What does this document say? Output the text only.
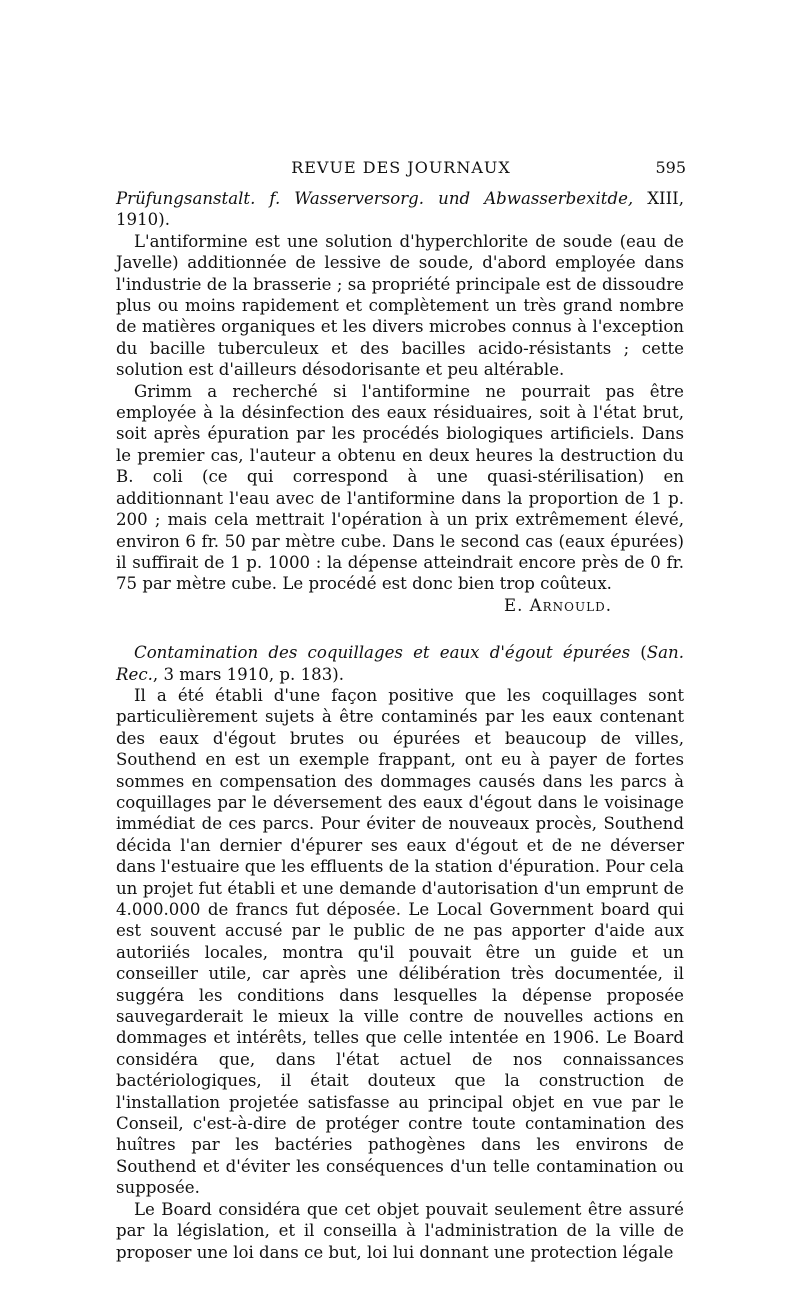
REVUE DES JOURNAUX	595

Prüfungsanstalt. f. Wasserversorg. und Abwasserbexitde, XIII, 1910).

L'antiformine est une solution d'hyperchlorite de soude (eau de Javelle) additionnée de lessive de soude, d'abord employée dans l'industrie de la brasserie ; sa propriété principale est de dissoudre plus ou moins rapidement et complètement un très grand nombre de matières organiques et les divers microbes connus à l'exception du bacille tuberculeux et des bacilles acido-résistants ; cette solution est d'ailleurs désodorisante et peu altérable.

Grimm a recherché si l'antiformine ne pourrait pas être employée à la désinfection des eaux résiduaires, soit à l'état brut, soit après épuration par les procédés biologiques artificiels. Dans le premier cas, l'auteur a obtenu en deux heures la destruction du B. coli (ce qui correspond à une quasi-stérilisation) en additionnant l'eau avec de l'antiformine dans la proportion de 1 p. 200 ; mais cela mettrait l'opération à un prix extrêmement élevé, environ 6 fr. 50 par mètre cube. Dans le second cas (eaux épurées) il suffirait de 1 p. 1000 : la dépense atteindrait encore près de 0 fr. 75 par mètre cube. Le procédé est donc bien trop coûteux.

E. Arnould.

Contamination des coquillages et eaux d'égout épurées (San. Rec., 3 mars 1910, p. 183).

Il a été établi d'une façon positive que les coquillages sont particulièrement sujets à être contaminés par les eaux contenant des eaux d'égout brutes ou épurées et beaucoup de villes, Southend en est un exemple frappant, ont eu à payer de fortes sommes en compensation des dommages causés dans les parcs à coquillages par le déversement des eaux d'égout dans le voisinage immédiat de ces parcs. Pour éviter de nouveaux procès, Southend décida l'an dernier d'épurer ses eaux d'égout et de ne déverser dans l'estuaire que les effluents de la station d'épuration. Pour cela un projet fut établi et une demande d'autorisation d'un emprunt de 4.000.000 de francs fut déposée. Le Local Government board qui est souvent accusé par le public de ne pas apporter d'aide aux autoriiés locales, montra qu'il pouvait être un guide et un conseiller utile, car après une délibération très documentée, il suggéra les conditions dans lesquelles la dépense proposée sauvegarderait le mieux la ville contre de nouvelles actions en dommages et intérêts, telles que celle intentée en 1906. Le Board considéra que, dans l'état actuel de nos connaissances bactériologiques, il était douteux que la construction de l'installation projetée satisfasse au principal objet en vue par le Conseil, c'est-à-dire de protéger contre toute contamination des huîtres par les bactéries pathogènes dans les environs de Southend et d'éviter les conséquences d'un telle contamination ou supposée.

Le Board considéra que cet objet pouvait seulement être assuré par la législation, et il conseilla à l'administration de la ville de proposer une loi dans ce but, loi lui donnant une protection légale
